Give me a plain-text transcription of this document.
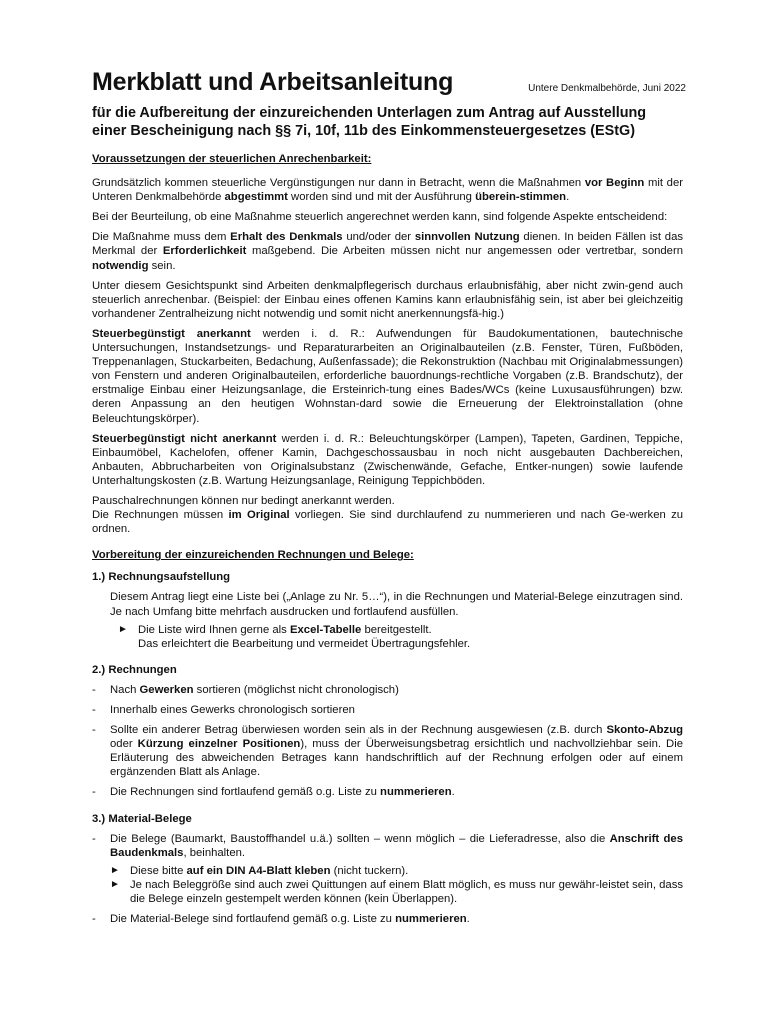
Merkblatt und Arbeitsanleitung	Untere Denkmalbehörde, Juni 2022
für die Aufbereitung der einzureichenden Unterlagen zum Antrag auf Ausstellung
einer Bescheinigung nach §§ 7i, 10f, 11b des Einkommensteuergesetzes (EStG)

Voraussetzungen der steuerlichen Anrechenbarkeit:

Grundsätzlich kommen steuerliche Vergünstigungen nur dann in Betracht, wenn die Maßnahmen vor Beginn mit der Unteren Denkmalbehörde abgestimmt worden sind und mit der Ausführung überein-stimmen.

Bei der Beurteilung, ob eine Maßnahme steuerlich angerechnet werden kann, sind folgende Aspekte entscheidend:

Die Maßnahme muss dem Erhalt des Denkmals und/oder der sinnvollen Nutzung dienen. In beiden Fällen ist das Merkmal der Erforderlichkeit maßgebend. Die Arbeiten müssen nicht nur angemessen oder vertretbar, sondern notwendig sein.

Unter diesem Gesichtspunkt sind Arbeiten denkmalpflegerisch durchaus erlaubnisfähig, aber nicht zwin-gend auch steuerlich anrechenbar. (Beispiel: der Einbau eines offenen Kamins kann erlaubnisfähig sein, ist aber bei gleichzeitig vorhandener Zentralheizung nicht notwendig und somit nicht anerkennungsfä-hig.)

Steuerbegünstigt anerkannt werden i. d. R.: Aufwendungen für Baudokumentationen, bautechnische Untersuchungen, Instandsetzungs- und Reparaturarbeiten an Originalbauteilen (z.B. Fenster, Türen, Fußböden, Treppenanlagen, Stuckarbeiten, Bedachung, Außenfassade); die Rekonstruktion (Nachbau mit Originalabmessungen) von Fenstern und anderen Originalbauteilen, erforderliche bauordnungs-rechtliche Vorgaben (z.B. Brandschutz), der erstmalige Einbau einer Heizungsanlage, die Ersteinrich-tung eines Bades/WCs (keine Luxusausführungen) bzw. deren Anpassung an den heutigen Wohnstan-dard sowie die Erneuerung der Elektroinstallation (ohne Beleuchtungskörper).

Steuerbegünstigt nicht anerkannt werden i. d. R.: Beleuchtungskörper (Lampen), Tapeten, Gardinen, Teppiche, Einbaumöbel, Kachelofen, offener Kamin, Dachgeschossausbau in noch nicht ausgebauten Dachbereichen, Anbauten, Abbrucharbeiten von Originalsubstanz (Zwischenwände, Gefache, Entker-nungen) sowie laufende Unterhaltungskosten (z.B. Wartung Heizungsanlage, Reinigung Teppichböden.

Pauschalrechnungen können nur bedingt anerkannt werden.
Die Rechnungen müssen im Original vorliegen. Sie sind durchlaufend zu nummerieren und nach Ge-werken zu ordnen.

Vorbereitung der einzureichenden Rechnungen und Belege:

1.) Rechnungsaufstellung

Diesem Antrag liegt eine Liste bei („Anlage zu Nr. 5…“), in die Rechnungen und Material-Belege einzutragen sind. Je nach Umfang bitte mehrfach ausdrucken und fortlaufend ausfüllen.

► Die Liste wird Ihnen gerne als Excel-Tabelle bereitgestellt.
Das erleichtert die Bearbeitung und vermeidet Übertragungsfehler.

2.) Rechnungen

-	Nach Gewerken sortieren (möglichst nicht chronologisch)
-	Innerhalb eines Gewerks chronologisch sortieren
-	Sollte ein anderer Betrag überwiesen worden sein als in der Rechnung ausgewiesen (z.B. durch Skonto-Abzug oder Kürzung einzelner Positionen), muss der Überweisungsbetrag ersichtlich und nachvollziehbar sein. Die Erläuterung des abweichenden Betrages kann handschriftlich auf der Rechnung erfolgen oder auf einem ergänzenden Blatt als Anlage.
-	Die Rechnungen sind fortlaufend gemäß o.g. Liste zu nummerieren.

3.) Material-Belege

-	Die Belege (Baumarkt, Baustoffhandel u.ä.) sollten – wenn möglich – die Lieferadresse, also die Anschrift des Baudenkmals, beinhalten.
► Diese bitte auf ein DIN A4-Blatt kleben (nicht tuckern).
► Je nach Beleggröße sind auch zwei Quittungen auf einem Blatt möglich, es muss nur gewähr-leistet sein, dass die Belege einzeln gestempelt werden können (kein Überlappen).
-	Die Material-Belege sind fortlaufend gemäß o.g. Liste zu nummerieren.
